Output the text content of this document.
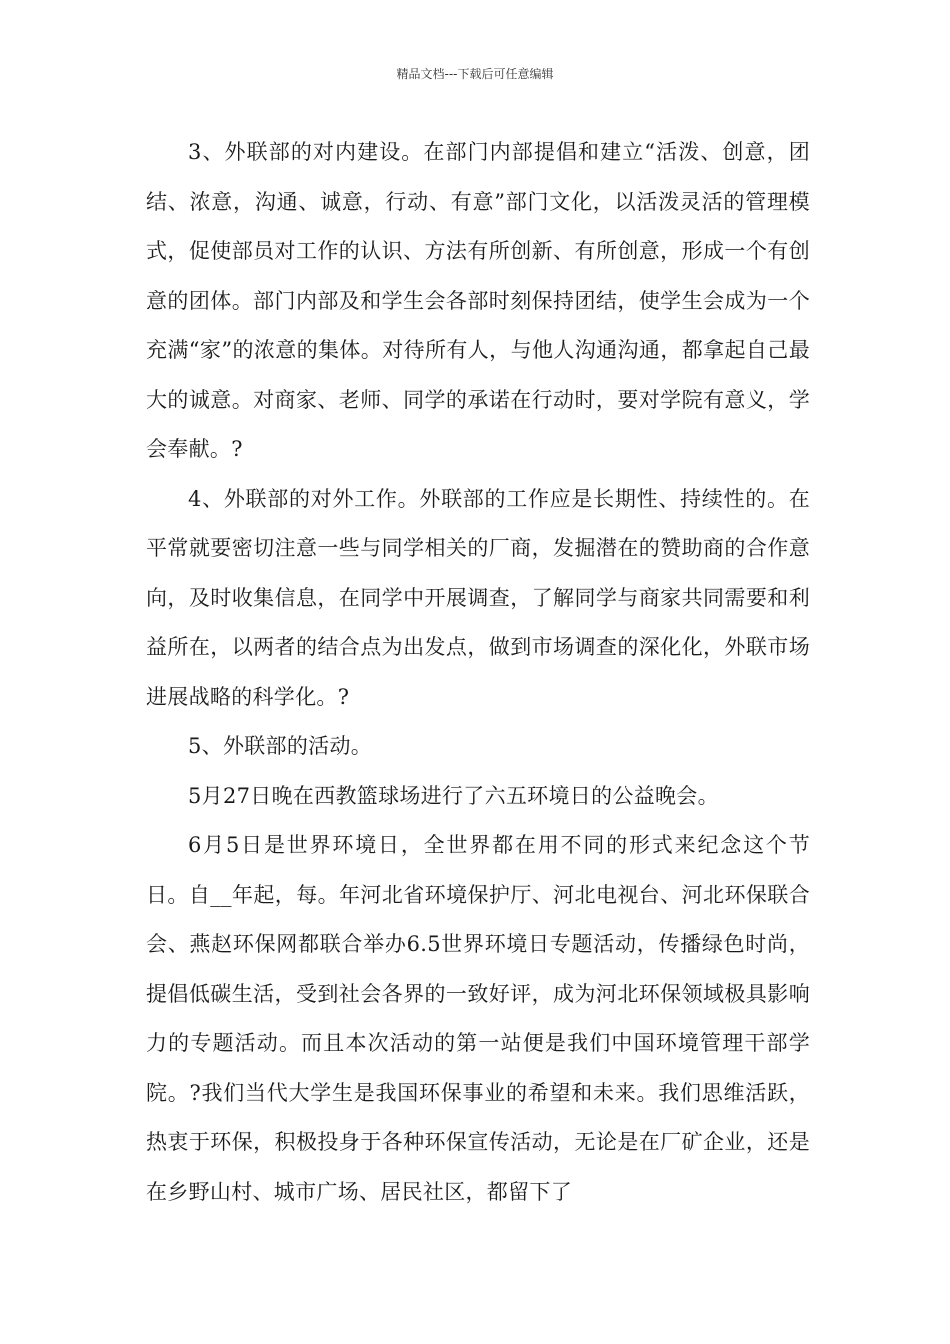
精品文档---下载后可任意编辑

3、外联部的对内建设。在部门内部提倡和建立“活泼、创意，团结、浓意，沟通、诚意，行动、有意”部门文化，以活泼灵活的管理模式，促使部员对工作的认识、方法有所创新、有所创意，形成一个有创意的团体。部门内部及和学生会各部时刻保持团结，使学生会成为一个充满“家”的浓意的集体。对待所有人，与他人沟通沟通，都拿起自己最大的诚意。对商家、老师、同学的承诺在行动时，要对学院有意义，学会奉献。?

4、外联部的对外工作。外联部的工作应是长期性、持续性的。在平常就要密切注意一些与同学相关的厂商，发掘潜在的赞助商的合作意向，及时收集信息，在同学中开展调查，了解同学与商家共同需要和利益所在，以两者的结合点为出发点，做到市场调查的深化化，外联市场进展战略的科学化。?

5、外联部的活动。

5月27日晚在西教篮球场进行了六五环境日的公益晚会。

6月5日是世界环境日，全世界都在用不同的形式来纪念这个节日。自__年起，每。年河北省环境保护厅、河北电视台、河北环保联合会、燕赵环保网都联合举办6.5世界环境日专题活动，传播绿色时尚，提倡低碳生活，受到社会各界的一致好评，成为河北环保领域极具影响力的专题活动。而且本次活动的第一站便是我们中国环境管理干部学院。?我们当代大学生是我国环保事业的希望和未来。我们思维活跃，热衷于环保，积极投身于各种环保宣传活动，无论是在厂矿企业，还是在乡野山村、城市广场、居民社区，都留下了
